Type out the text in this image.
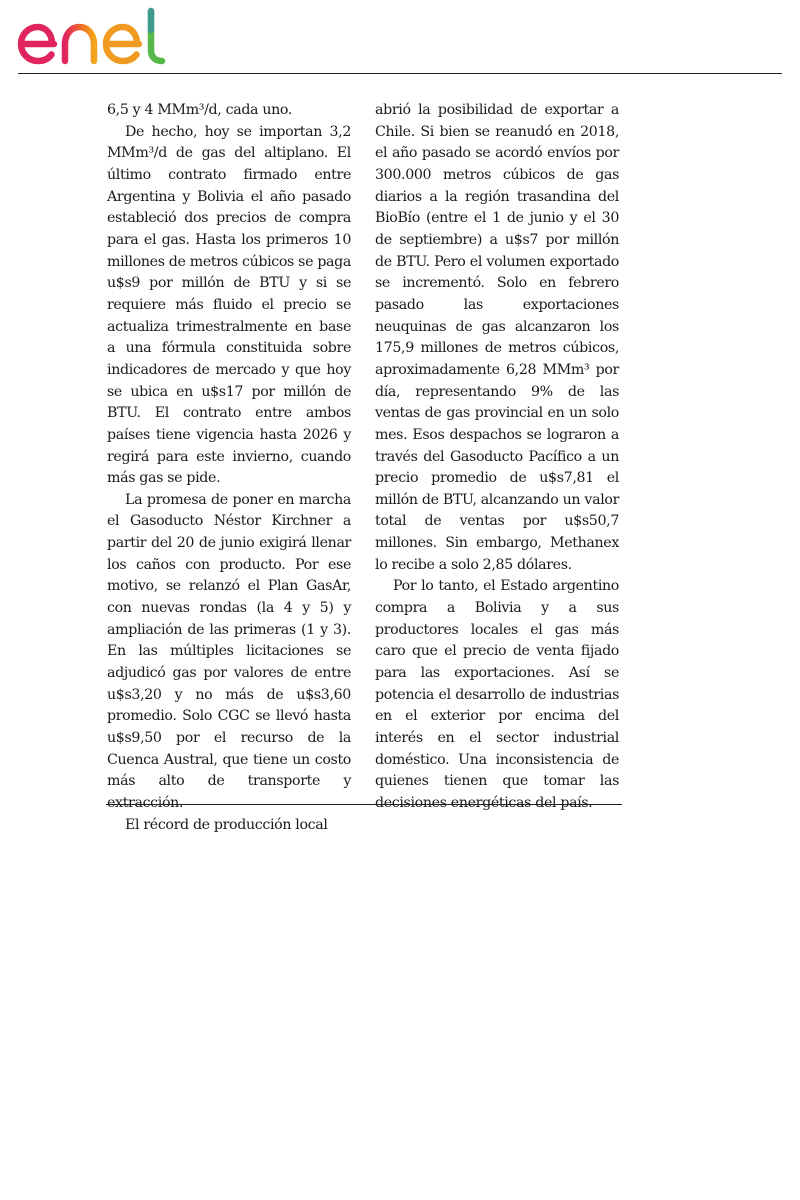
6,5 y 4 MMm³/d, cada uno.

De hecho, hoy se importan 3,2 MMm³/d de gas del altiplano. El último contrato firmado entre Argentina y Bolivia el año pasado estableció dos precios de compra para el gas. Hasta los primeros 10 millones de metros cúbicos se paga u$s9 por millón de BTU y si se requiere más fluido el precio se actualiza trimestralmente en base a una fórmula constituida sobre indicadores de mercado y que hoy se ubica en u$s17 por millón de BTU. El contrato entre ambos países tiene vigencia hasta 2026 y regirá para este invierno, cuando más gas se pide.

La promesa de poner en marcha el Gasoducto Néstor Kirchner a partir del 20 de junio exigirá llenar los caños con producto. Por ese motivo, se relanzó el Plan GasAr, con nuevas rondas (la 4 y 5) y ampliación de las primeras (1 y 3). En las múltiples licitaciones se adjudicó gas por valores de entre u$s3,20 y no más de u$s3,60 promedio. Solo CGC se llevó hasta u$s9,50 por el recurso de la Cuenca Austral, que tiene un costo más alto de transporte y extracción.

El récord de producción local

abrió la posibilidad de exportar a Chile. Si bien se reanudó en 2018, el año pasado se acordó envíos por 300.000 metros cúbicos de gas diarios a la región trasandina del BioBío (entre el 1 de junio y el 30 de septiembre) a u$s7 por millón de BTU. Pero el volumen exportado se incrementó. Solo en febrero pasado las exportaciones neuquinas de gas alcanzaron los 175,9 millones de metros cúbicos, aproximadamente 6,28 MMm³ por día, representando 9% de las ventas de gas provincial en un solo mes. Esos despachos se lograron a través del Gasoducto Pacífico a un precio promedio de u$s7,81 el millón de BTU, alcanzando un valor total de ventas por u$s50,7 millones. Sin embargo, Methanex lo recibe a solo 2,85 dólares.

Por lo tanto, el Estado argentino compra a Bolivia y a sus productores locales el gas más caro que el precio de venta fijado para las exportaciones. Así se potencia el desarrollo de industrias en el exterior por encima del interés en el sector industrial doméstico. Una inconsistencia de quienes tienen que tomar las decisiones energéticas del país.
